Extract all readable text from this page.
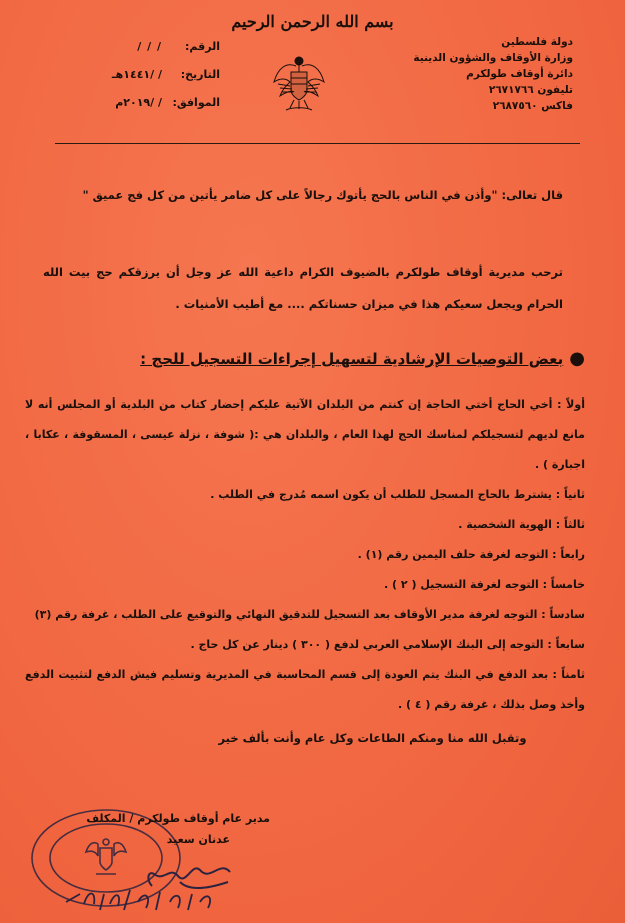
بسم الله الرحمن الرحيم
دولة فلسطين
وزارة الأوقاف والشؤون الدينية
دائرة أوقاف طولكرم
تليفون ٢٦٧١٧٦٦
فاكس ٢٦٨٧٥٦٠
الرقم:
/ / /
التاريخ:
/ /١٤٤١هـ
الموافق:
/ /٢٠١٩م
قال تعالى: "وأذن في الناس بالحج يأتوك رجالاً على كل ضامر يأتين من كل فج عميق "
ترحب مديرية أوقاف طولكرم بالضيوف الكرام داعية الله عز وجل أن يرزقكم حج بيت الله الحرام ويجعل سعيكم هذا في ميزان حسناتكم .... مع أطيب الأمنيات .
●بعض التوصيات الإرشادية لتسهيل إجراءات التسجيل للحج :
أولاً : أخي الحاج أختي الحاجة إن كنتم من البلدان الآتية عليكم إحضار كتاب من البلدية أو المجلس أنه لا مانع لديهم لتسجيلكم لمناسك الحج لهذا العام ، والبلدان هي :( شوفة ، نزلة عيسى ، المسقوفة ، عكابا ، اجبارة ) .
ثانياً : يشترط بالحاج المسجل للطلب أن يكون اسمه مُدرج في الطلب .
ثالثاً : الهوية الشخصية .
رابعاً : التوجه لغرفة حلف اليمين رقم (١) .
خامساً : التوجه لغرفة التسجيل ( ٢ ) .
سادساً : التوجه لغرفة مدير الأوقاف بعد التسجيل للتدقيق النهائي والتوقيع على الطلب ، غرفة رقم (٣)
سابعاً : التوجه إلى البنك الإسلامي العربي لدفع ( ٣٠٠ ) دينار عن كل حاج .
ثامناً : بعد الدفع في البنك يتم العودة إلى قسم المحاسبة في المديرية وتسليم فيش الدفع لتثبيت الدفع وأخذ وصل بذلك ، غرفة رقم ( ٤ ) .
وتقبل الله منا ومنكم الطاعات وكل عام وأنت بألف خير
مدير عام أوقاف طولكرم / المكلف
عدنان سعيد
